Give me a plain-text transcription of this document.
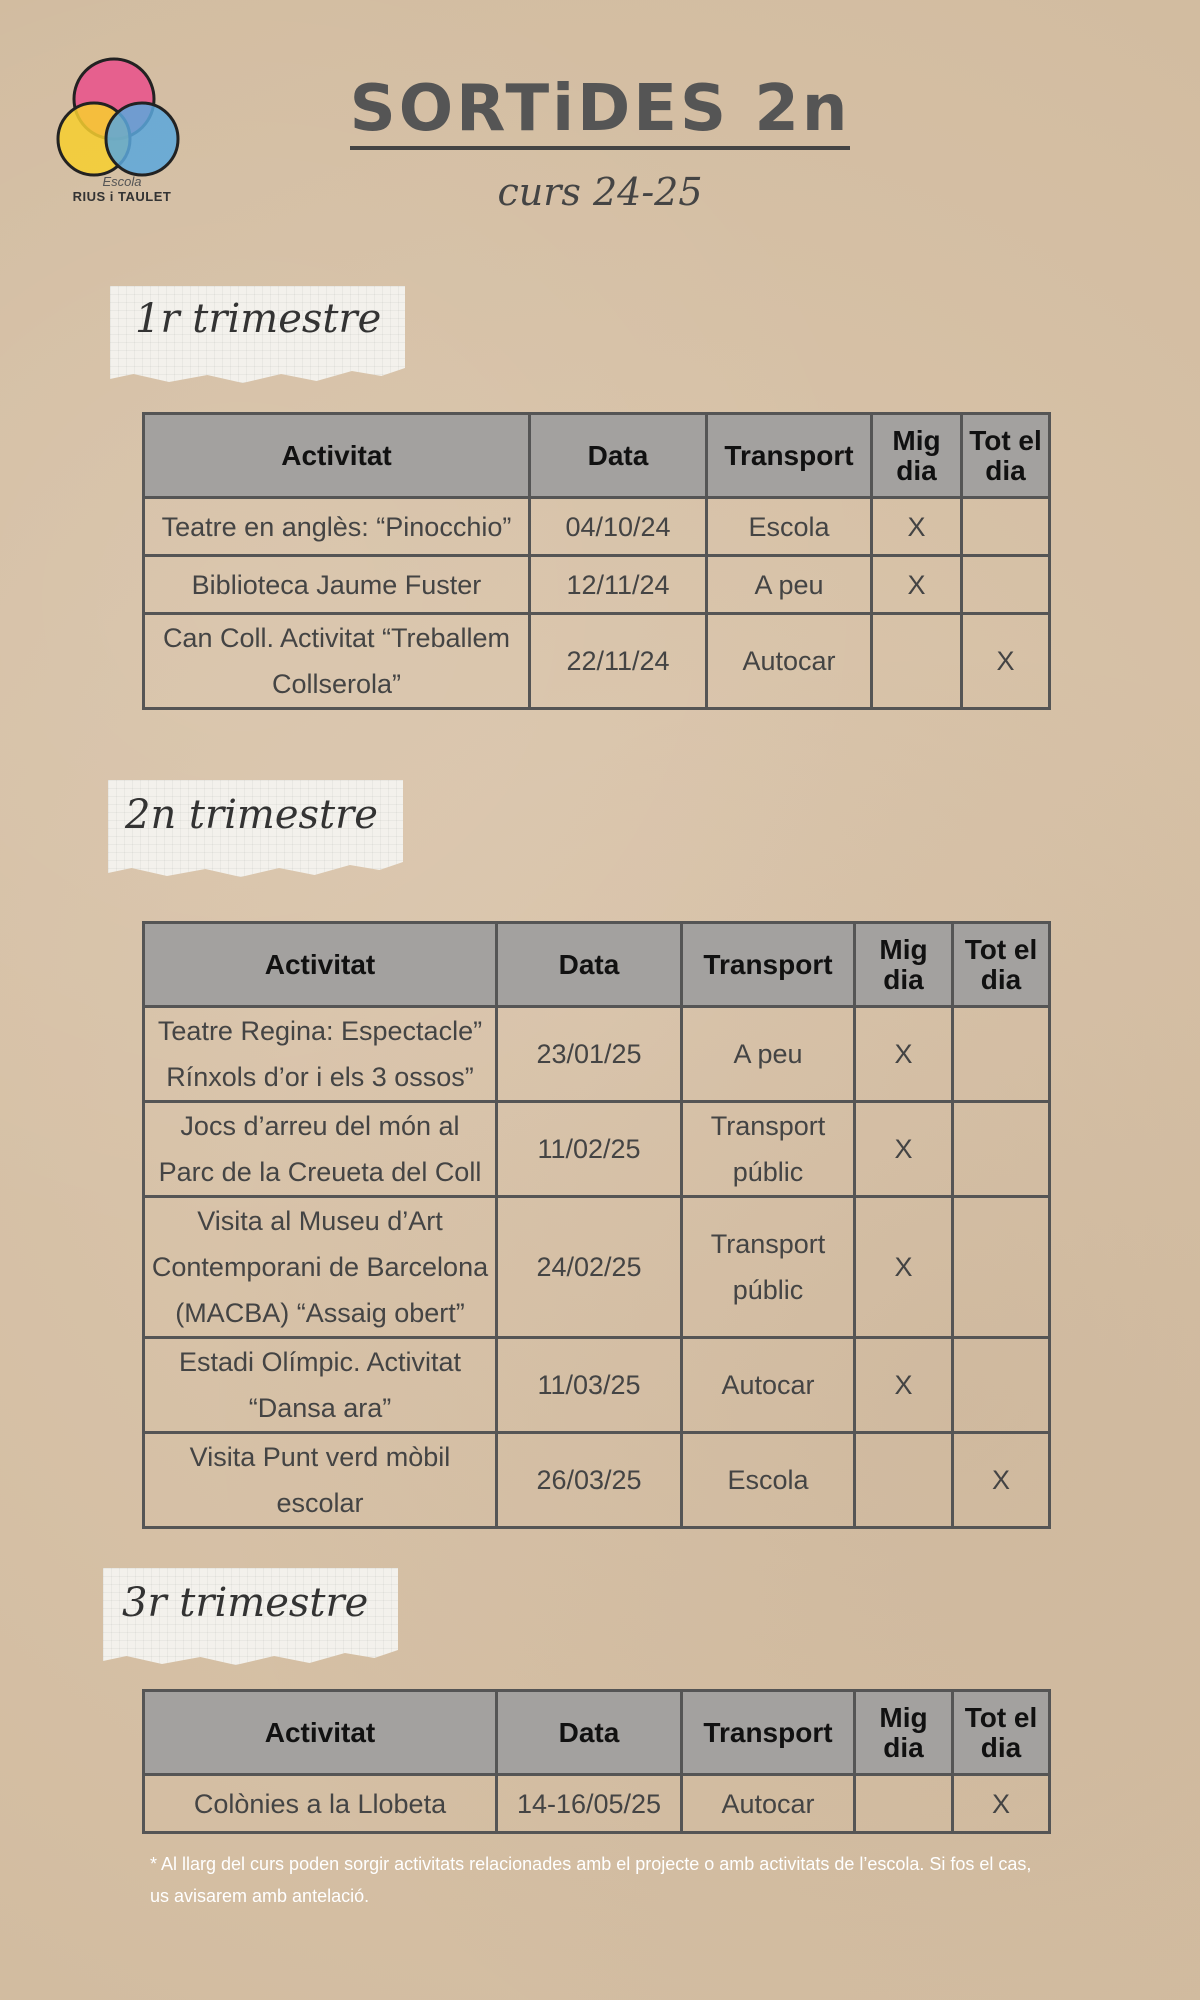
Escola
RIUS i TAULET
SORTiDES 2n
curs 24-25
1r trimestre
Activitat	Data	Transport	Mig dia	Tot el dia
Teatre en anglès: “Pinocchio”	04/10/24	Escola	X	
Biblioteca Jaume Fuster	12/11/24	A peu	X	
Can Coll. Activitat “Treballem Collserola”	22/11/24	Autocar		X
2n trimestre
Activitat	Data	Transport	Mig dia	Tot el dia
Teatre Regina: Espectacle” Rínxols d’or i els 3 ossos”	23/01/25	A peu	X	
Jocs d’arreu del món al Parc de la Creueta del Coll	11/02/25	Transport públic	X	
Visita al Museu d’Art Contemporani de Barcelona (MACBA) “Assaig obert”	24/02/25	Transport públic	X	
Estadi Olímpic. Activitat “Dansa ara”	11/03/25	Autocar	X	
Visita Punt verd mòbil escolar	26/03/25	Escola		X
3r trimestre
Activitat	Data	Transport	Mig dia	Tot el dia
Colònies a la Llobeta	14-16/05/25	Autocar		X
* Al llarg del curs poden sorgir activitats relacionades amb el projecte o amb activitats de l’escola. Si fos el cas, us avisarem amb antelació.
